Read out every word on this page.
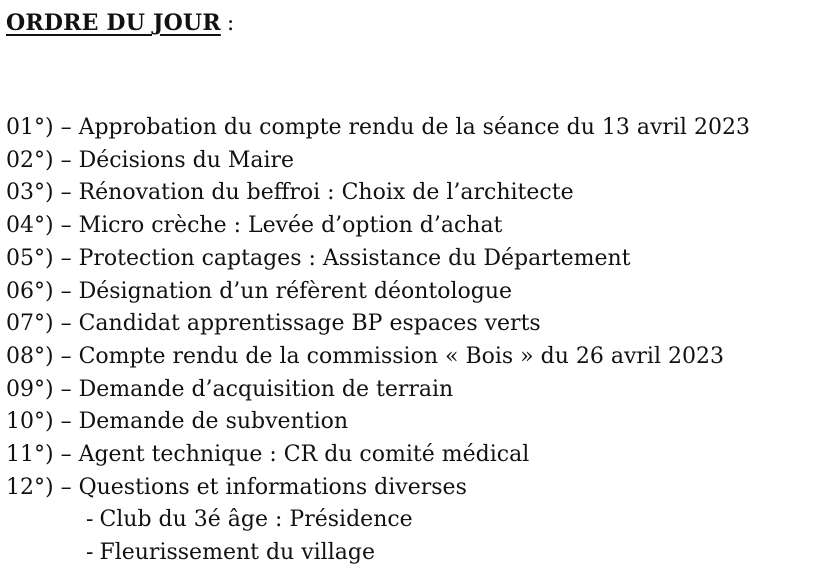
ORDRE DU JOUR :
01°) – Approbation du compte rendu de la séance du 13 avril 2023
02°) – Décisions du Maire
03°) – Rénovation du beffroi : Choix de l’architecte
04°) – Micro crèche : Levée d’option d’achat
05°) – Protection captages : Assistance du Département
06°) – Désignation d’un réfèrent déontologue
07°) – Candidat apprentissage BP espaces verts
08°) – Compte rendu de la commission « Bois » du 26 avril 2023
09°) – Demande d’acquisition de terrain
10°) – Demande de subvention
11°) – Agent technique : CR du comité médical
12°) – Questions et informations diverses
- Club du 3é âge : Présidence
- Fleurissement du village
